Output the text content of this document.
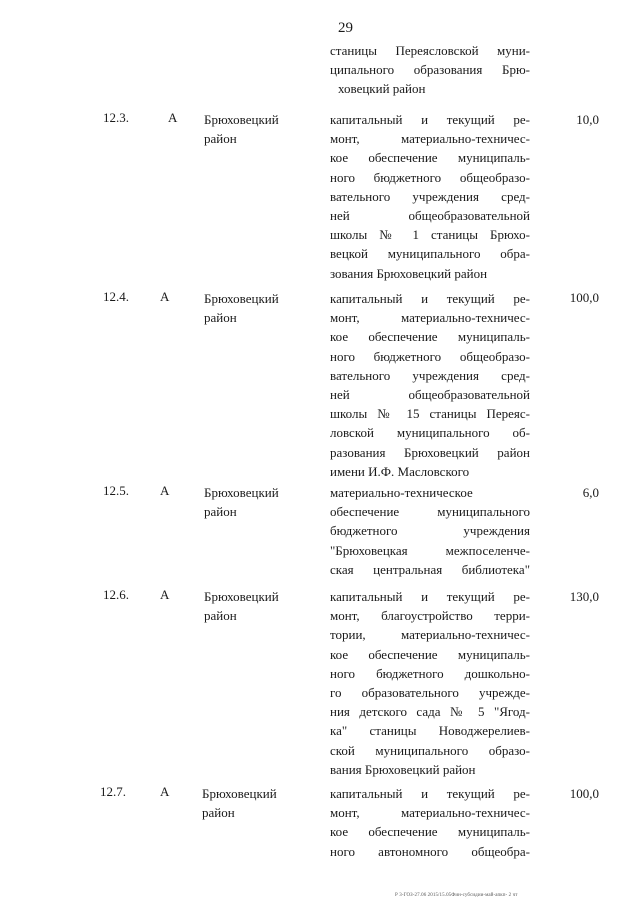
29
станицы Переясловской муни-
ципального образования Брю-
ховецкий район
12.3.	А Брюховецкий
район
капитальный и текущий ре-
монт, материально-техничес-
кое обеспечение муниципаль-
ного бюджетного общеобразо-
вательного учреждения сред-
ней общеобразовательной
школы № 1 станицы Брюхо-
вецкой муниципального обра-
зования Брюховецкий район
10,0
12.4. А	Брюховецкий
район
капитальный и текущий ре-
монт, материально-техничес-
кое обеспечение муниципаль-
ного бюджетного общеобразо-
вательного учреждения сред-
ней общеобразовательной
школы № 15 станицы Переяс-
ловской муниципального об-
разования Брюховецкий район
имени И.Ф. Масловского
100,0
12.5. А	Брюховецкий
район
материально-техническое
обеспечение муниципального
бюджетного учреждения
"Брюховецкая межпоселенче-
ская центральная библиотека"
6,0
12.6. А	Брюховецкий
район
капитальный и текущий ре-
монт, благоустройство терри-
тории, материально-техничес-
кое обеспечение муниципаль-
ного бюджетного дошкольно-
го образовательного учрежде-
ния детского сада № 5 "Ягод-
ка" станицы Новоджерелиев-
ской муниципального образо-
вания Брюховецкий район
130,0
12.7.	А	Брюховецкий
район
капитальный и текущий ре-
монт, материально-техничес-
кое обеспечение муниципаль-
ного автономного общеобра-
100,0
Р 3-ГОЗ-27.06 2015/15.05Фин-субсидии-май-апкп- 2 чт
